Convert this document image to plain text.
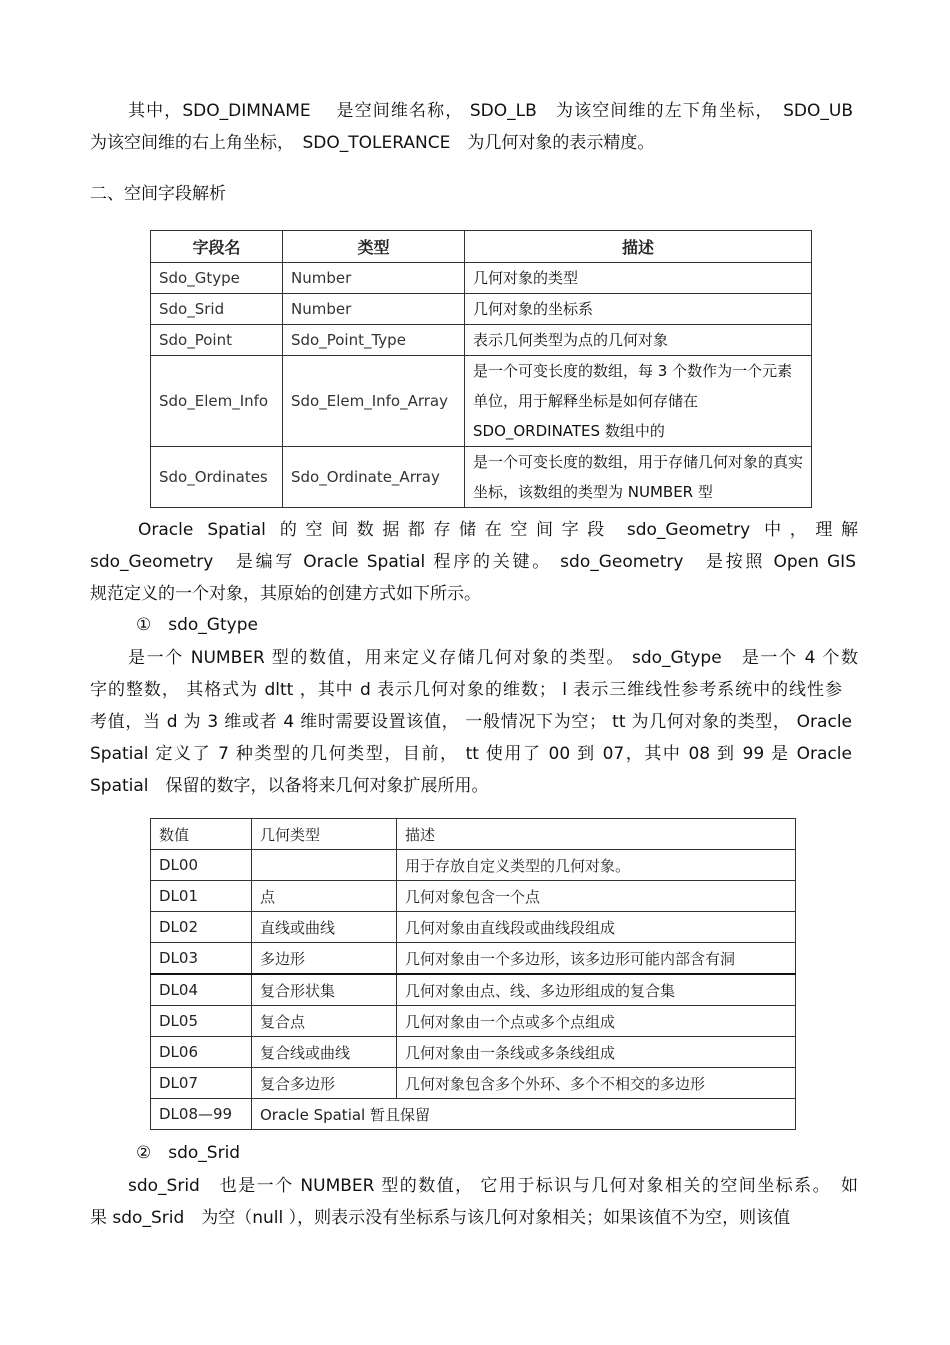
其中，SDO_DIMNAME　 是空间维名称， SDO_LB　为该空间维的左下角坐标，　SDO_UB
为该空间维的右上角坐标，　SDO_TOLERANCE　为几何对象的表示精度。
二、空间字段解析
字段名	类型	描述
Sdo_Gtype	Number	几何对象的类型
Sdo_Srid	Number	几何对象的坐标系
Sdo_Point	Sdo_Point_Type	表示几何类型为点的几何对象
Sdo_Elem_Info	Sdo_Elem_Info_Array	是一个可变长度的数组，每 3 个数作为一个元素单位，用于解释坐标是如何存储在 SDO_ORDINATES 数组中的
Sdo_Ordinates	Sdo_Ordinate_Array	是一个可变长度的数组，用于存储几何对象的真实坐标，该数组的类型为 NUMBER 型
Oracle Spatial 的空间数据都存储在空间字段 sdo_Geometry 中，理解
sdo_Geometry　是编写 Oracle Spatial 程序的关键。 sdo_Geometry　是按照 Open GIS
规范定义的一个对象，其原始的创建方式如下所示。
①　sdo_Gtype
是一个 NUMBER 型的数值，用来定义存储几何对象的类型。 sdo_Gtype　是一个 4 个数
字的整数， 其格式为 dltt ，其中 d 表示几何对象的维数； l 表示三维线性参考系统中的线性参
考值，当 d 为 3 维或者 4 维时需要设置该值， 一般情况下为空； tt 为几何对象的类型， Oracle
Spatial 定义了 7 种类型的几何类型，目前， tt 使用了 00 到 07，其中 08 到 99 是 Oracle
Spatial　保留的数字，以备将来几何对象扩展所用。
数值	几何类型	描述
DL00		用于存放自定义类型的几何对象。
DL01	点	几何对象包含一个点
DL02	直线或曲线	几何对象由直线段或曲线段组成
DL03	多边形	几何对象由一个多边形，该多边形可能内部含有洞
DL04	复合形状集	几何对象由点、线、多边形组成的复合集
DL05	复合点	几何对象由一个点或多个点组成
DL06	复合线或曲线	几何对象由一条线或多条线组成
DL07	复合多边形	几何对象包含多个外环、多个不相交的多边形
DL08—99	Oracle Spatial 暂且保留	
②　sdo_Srid
sdo_Srid　也是一个 NUMBER 型的数值， 它用于标识与几何对象相关的空间坐标系。　如
果 sdo_Srid　为空（null ），则表示没有坐标系与该几何对象相关；如果该值不为空，则该值
